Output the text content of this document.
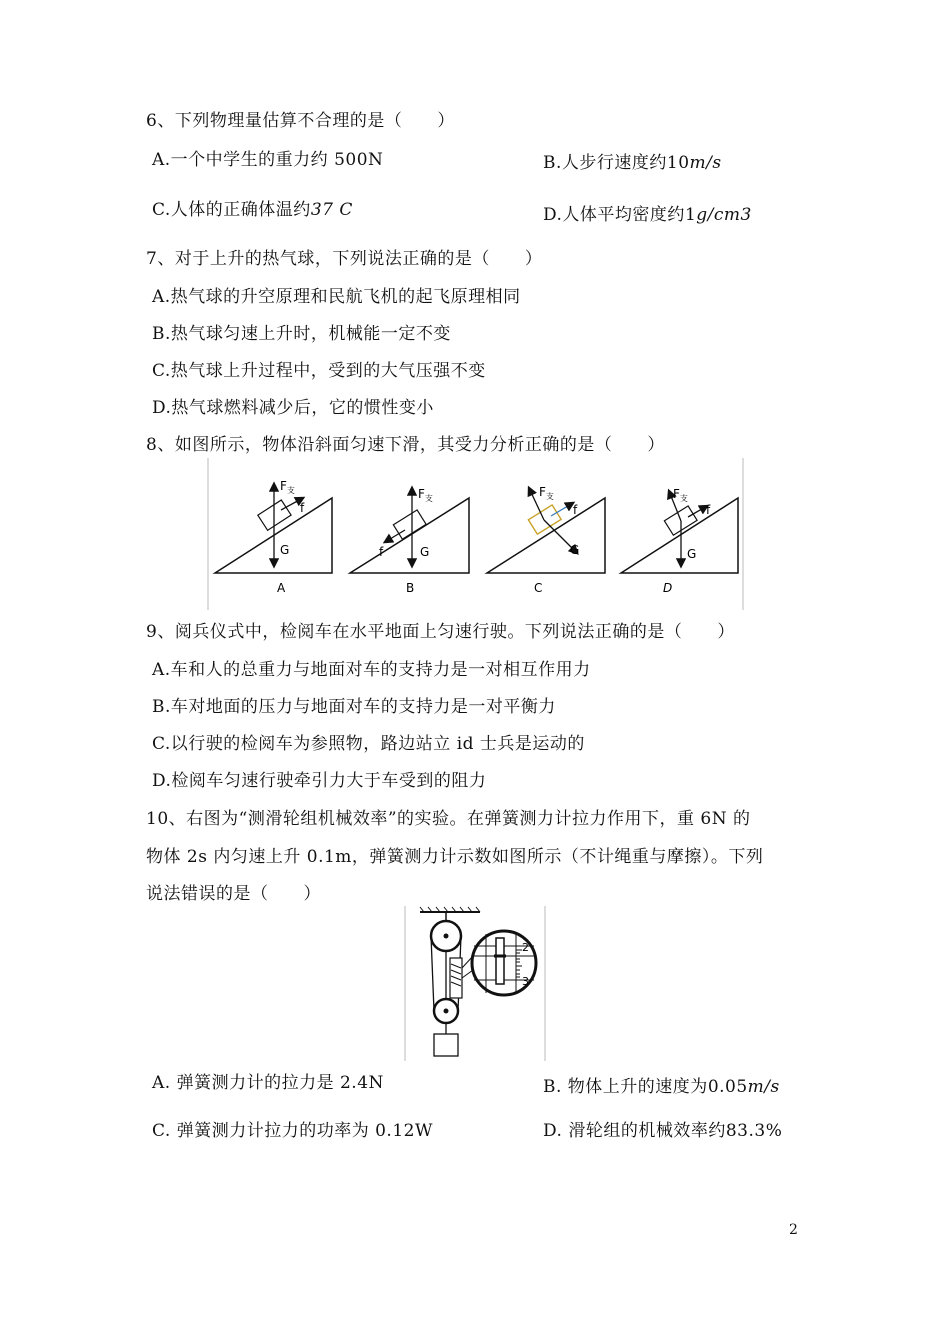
6、下列物理量估算不合理的是（　　）
A.一个中学生的重力约 500N	B.人步行速度约10m/s
C.人体的正确体温约37 C	D.人体平均密度约1g/cm3
7、对于上升的热气球，下列说法正确的是（　　）
A.热气球的升空原理和民航飞机的起飞原理相同
B.热气球匀速上升时，机械能一定不变
C.热气球上升过程中，受到的大气压强不变
D.热气球燃料减少后，它的惯性变小
8、如图所示，物体沿斜面匀速下滑，其受力分析正确的是（　　）
$F_支$
f
G
A
$F_支$
f	G
B
$F_支$
f
G
C
$F_支$
f
G
D
9、阅兵仪式中，检阅车在水平地面上匀速行驶。下列说法正确的是（　　）
A.车和人的总重力与地面对车的支持力是一对相互作用力
B.车对地面的压力与地面对车的支持力是一对平衡力
C.以行驶的检阅车为参照物，路边站立 id 士兵是运动的
D.检阅车匀速行驶牵引力大于车受到的阻力
10、右图为“测滑轮组机械效率”的实验。在弹簧测力计拉力作用下，重 6N 的
物体 2s 内匀速上升 0.1m，弹簧测力计示数如图所示（不计绳重与摩擦）。下列
说法错误的是（　　）
2
3
A. 弹簧测力计的拉力是 2.4N	B. 物体上升的速度为0.05m/s
C. 弹簧测力计拉力的功率为 0.12W	D. 滑轮组的机械效率约83.3%
2
